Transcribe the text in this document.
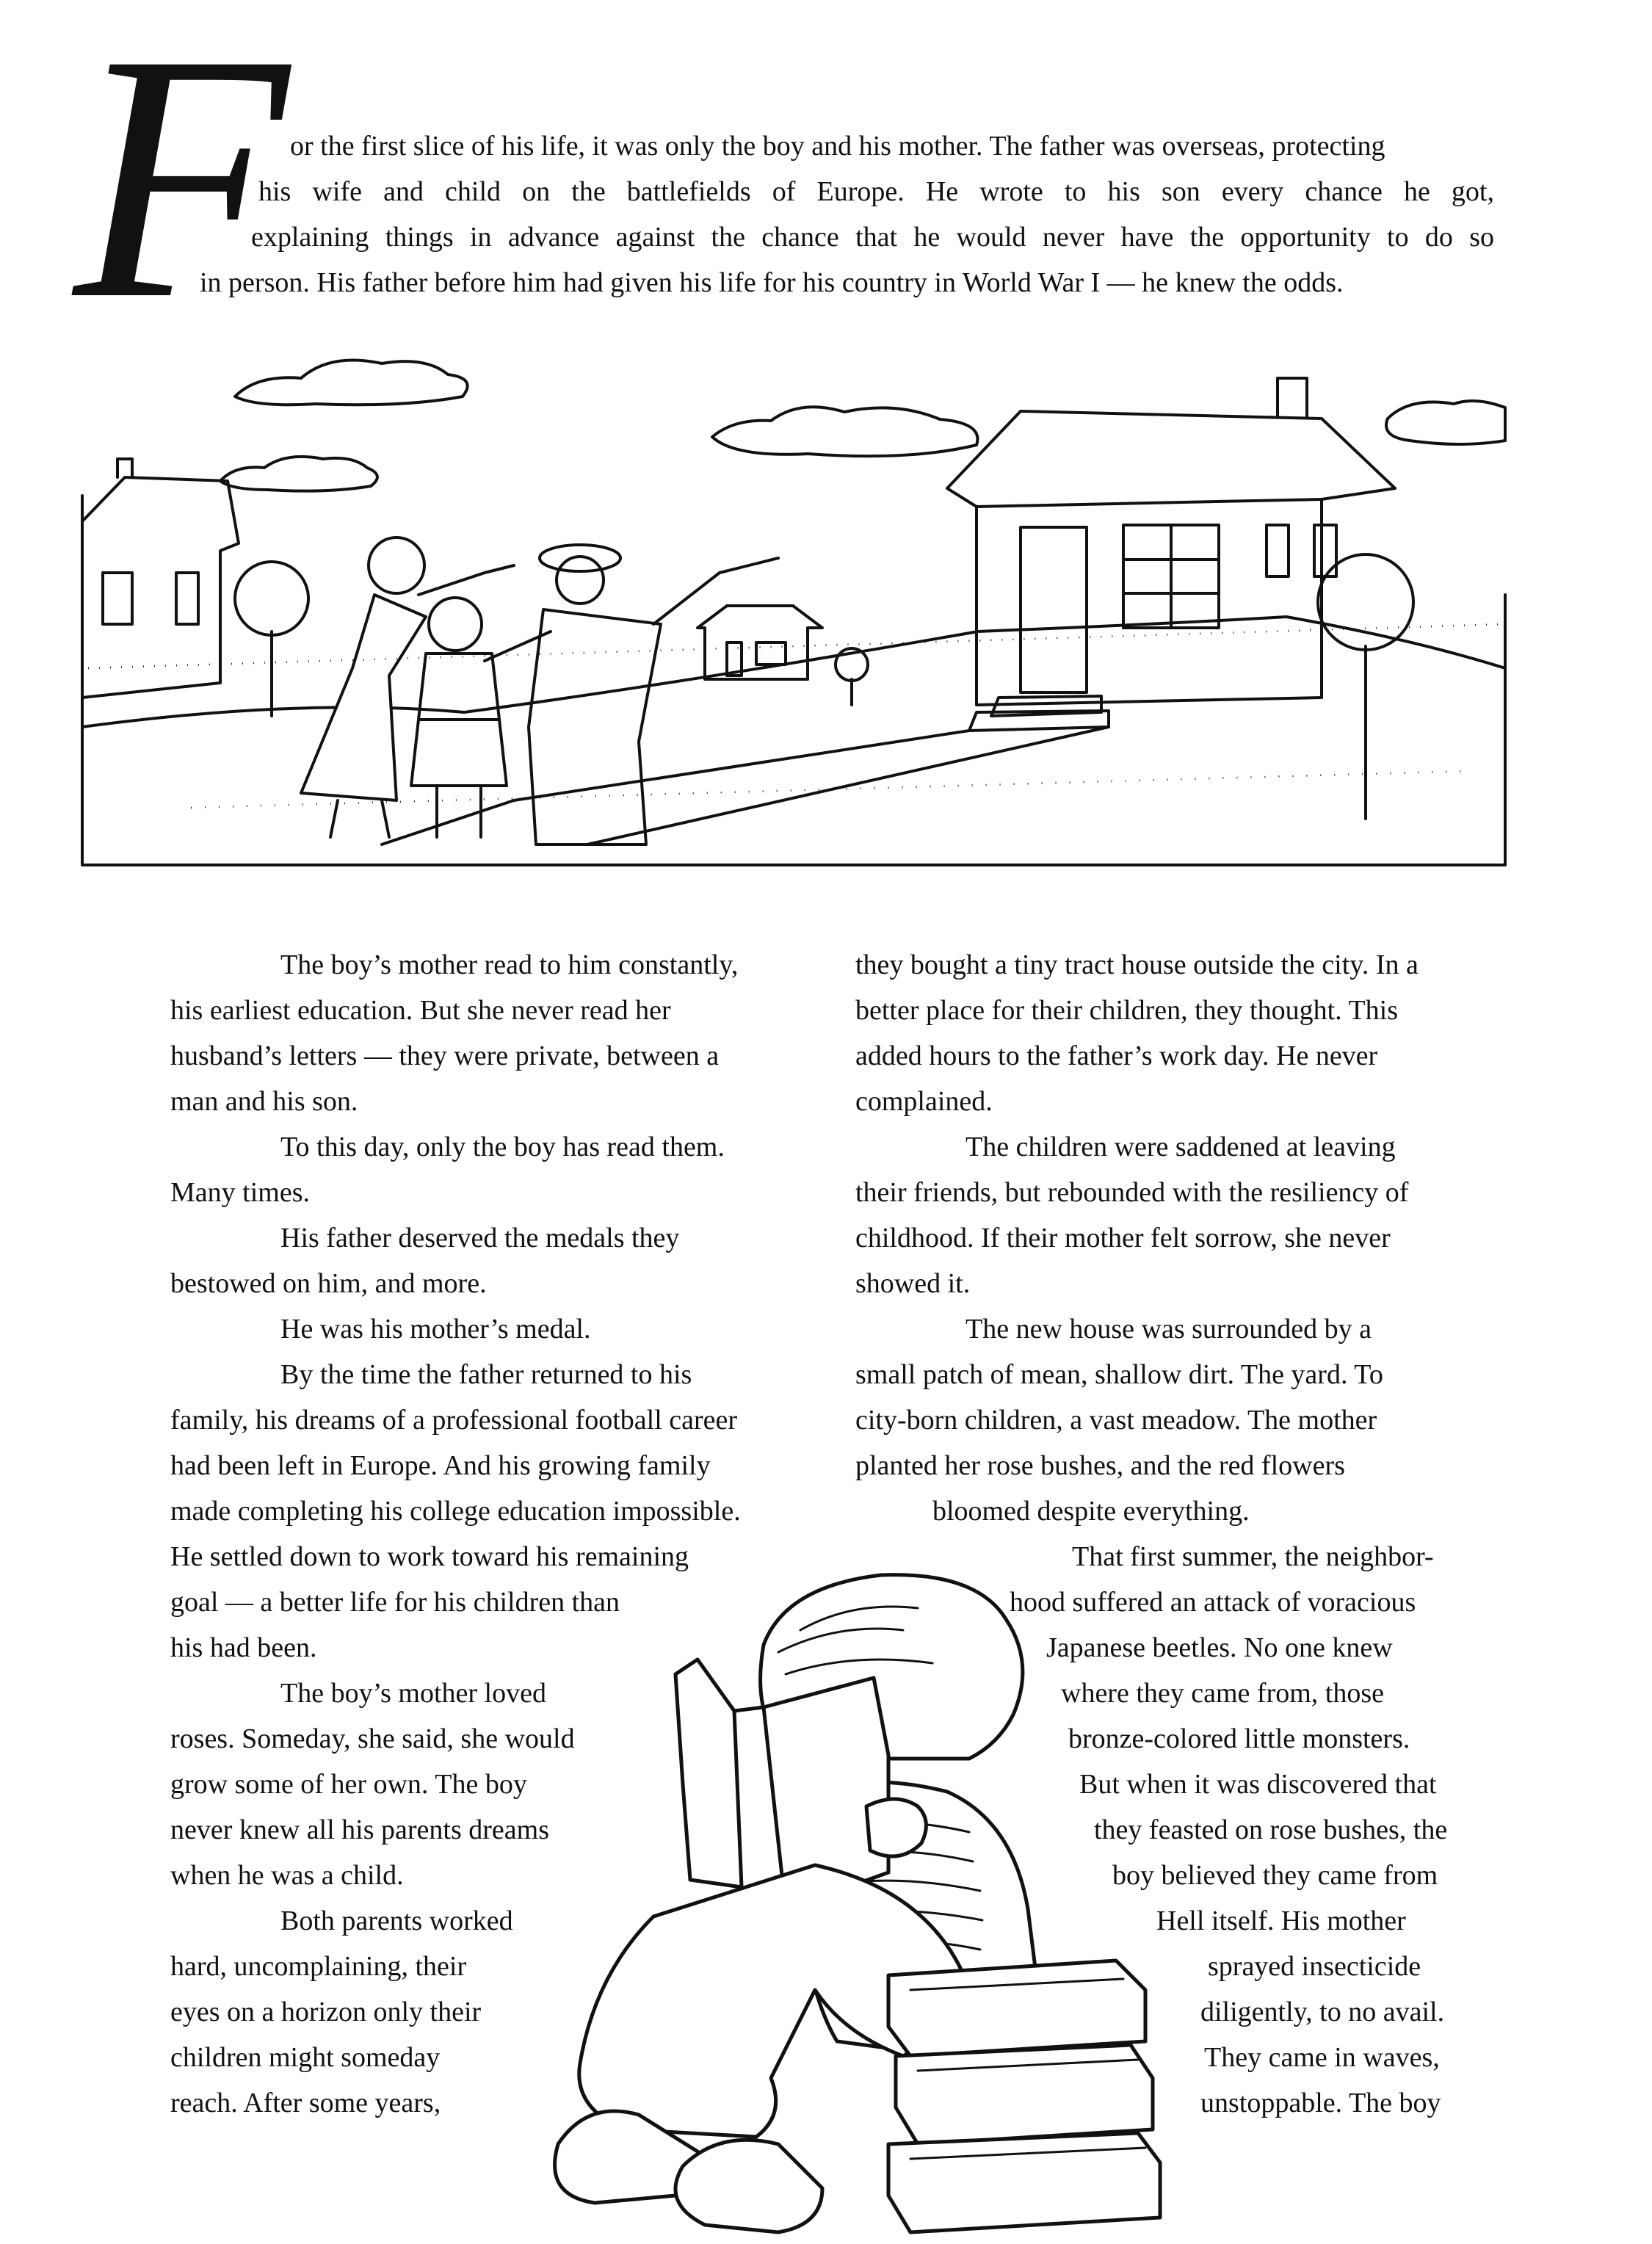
F or the first slice of his life, it was only the boy and his mother. The father was overseas, protecting
his wife and child on the battlefields of Europe. He wrote to his son every chance he got,
explaining things in advance against the chance that he would never have the opportunity to do so
in person. His father before him had given his life for his country in World War I — he knew the odds.
The boy’s mother read to him constantly,
his earliest education. But she never read her
husband’s letters — they were private, between a
man and his son.
To this day, only the boy has read them.
Many times.
His father deserved the medals they
bestowed on him, and more.
He was his mother’s medal.
By the time the father returned to his
family, his dreams of a professional football career
had been left in Europe. And his growing family
made completing his college education impossible.
He settled down to work toward his remaining
goal — a better life for his children than
his had been.
The boy’s mother loved
roses. Someday, she said, she would
grow some of her own. The boy
never knew all his parents dreams
when he was a child.
Both parents worked
hard, uncomplaining, their
eyes on a horizon only their
children might someday
reach. After some years,
they bought a tiny tract house outside the city. In a
better place for their children, they thought. This
added hours to the father’s work day. He never
complained.
The children were saddened at leaving
their friends, but rebounded with the resiliency of
childhood. If their mother felt sorrow, she never
showed it.
The new house was surrounded by a
small patch of mean, shallow dirt. The yard. To
city-born children, a vast meadow. The mother
planted her rose bushes, and the red flowers
bloomed despite everything.
That first summer, the neighbor-
hood suffered an attack of voracious
Japanese beetles. No one knew
where they came from, those
bronze-colored little monsters.
But when it was discovered that
they feasted on rose bushes, the
boy believed they came from
Hell itself. His mother
sprayed insecticide
diligently, to no avail.
They came in waves,
unstoppable. The boy
